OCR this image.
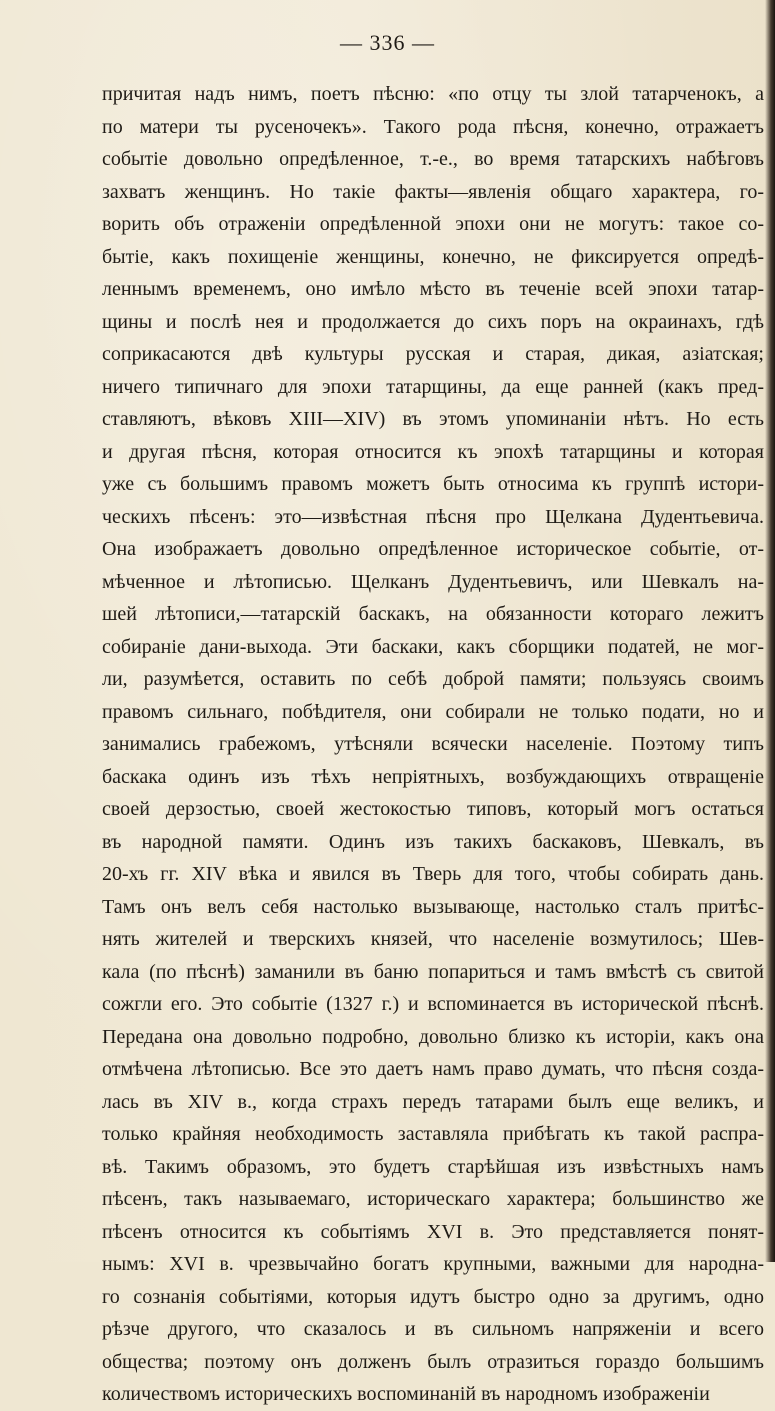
— 336 —
причитая надъ нимъ, поетъ пѣсню: «по отцу ты злой татарченокъ, а
по матери ты русеночекъ». Такого рода пѣсня, конечно, отражаетъ
событіе довольно опредѣленное, т.-е., во время татарскихъ набѣговъ
захватъ женщинъ. Но такіе факты—явленія общаго характера, го-
ворить объ отраженіи опредѣленной эпохи они не могутъ: такое со-
бытіе, какъ похищеніе женщины, конечно, не фиксируется опредѣ-
леннымъ временемъ, оно имѣло мѣсто въ теченіе всей эпохи татар-
щины и послѣ нея и продолжается до сихъ поръ на окраинахъ, гдѣ
соприкасаются двѣ культуры русская и старая, дикая, азіатская;
ничего типичнаго для эпохи татарщины, да еще ранней (какъ пред-
ставляютъ, вѣковъ XIII—XIV) въ этомъ упоминаніи нѣтъ. Но есть
и другая пѣсня, которая относится къ эпохѣ татарщины и которая
уже съ большимъ правомъ можетъ быть относима къ группѣ истори-
ческихъ пѣсенъ: это—извѣстная пѣсня про Щелкана Дудентьевича.
Она изображаетъ довольно опредѣленное историческое событіе, от-
мѣченное и лѣтописью. Щелканъ Дудентьевичъ, или Шевкалъ на-
шей лѣтописи,—татарскій баскакъ, на обязанности котораго лежитъ
собираніе дани-выхода. Эти баскаки, какъ сборщики податей, не мог-
ли, разумѣется, оставить по себѣ доброй памяти; пользуясь своимъ
прaвомъ сильнаго, побѣдителя, они собирали не только подати, но и
занимались грабежомъ, утѣсняли всячески населеніе. Поэтому типъ
баскака одинъ изъ тѣхъ непріятныхъ, возбуждающихъ отвращеніе
своей дерзостью, своей жестокостью типовъ, который могъ остаться
въ народной памяти. Одинъ изъ такихъ баскаковъ, Шевкалъ, въ
20-хъ гг. XIV вѣка и явился въ Тверь для того, чтобы собирать дань.
Тамъ онъ велъ себя настолько вызывающе, настолько сталъ притѣс-
нять жителей и тверскихъ князей, что населеніе возмутилось; Шев-
кала (по пѣснѣ) заманили въ баню попариться и тамъ вмѣстѣ съ свитой
сожгли его. Это событіе (1327 г.) и вспоминается въ исторической пѣснѣ.
Передана она довольно подробно, довольно близко къ исторіи, какъ она
отмѣчена лѣтописью. Все это даетъ намъ право думать, что пѣсня созда-
лась въ XIV в., когда страхъ передъ татарами былъ еще великъ, и
только крайняя необходимость заставляла прибѣгать къ такой распра-
вѣ. Такимъ образомъ, это будетъ старѣйшая изъ извѣстныхъ намъ
пѣсенъ, такъ называемаго, историческаго характера; большинство же
пѣсенъ относится къ событіямъ XVI в. Это представляется понят-
нымъ: XVI в. чрезвычайно богатъ крупными, важными для народна-
го сознанія событіями, которыя идутъ быстро одно за другимъ, одно
рѣзче другого, что сказалось и въ сильномъ напряженіи и всего
общества; поэтому онъ долженъ былъ отразиться гораздо большимъ
количествомъ историческихъ воспоминаній въ народномъ изображеніи
